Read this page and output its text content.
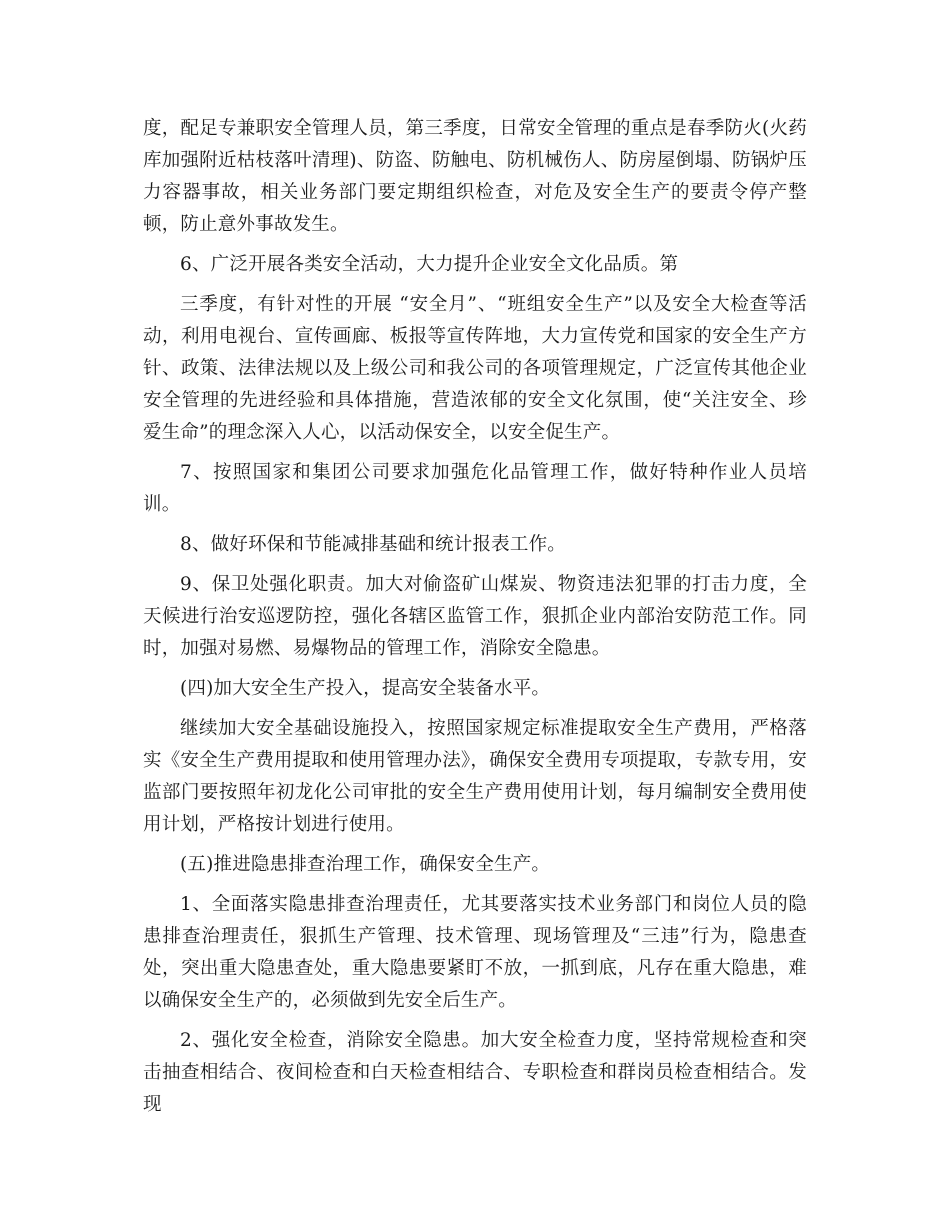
度，配足专兼职安全管理人员，第三季度，日常安全管理的重点是春季防火(火药库加强附近枯枝落叶清理)、防盗、防触电、防机械伤人、防房屋倒塌、防锅炉压力容器事故，相关业务部门要定期组织检查，对危及安全生产的要责令停产整顿，防止意外事故发生。

6、广泛开展各类安全活动，大力提升企业安全文化品质。第

三季度，有针对性的开展 “安全月”、“班组安全生产”以及安全大检查等活动，利用电视台、宣传画廊、板报等宣传阵地，大力宣传党和国家的安全生产方针、政策、法律法规以及上级公司和我公司的各项管理规定，广泛宣传其他企业安全管理的先进经验和具体措施，营造浓郁的安全文化氛围，使“关注安全、珍爱生命”的理念深入人心，以活动保安全，以安全促生产。

7、按照国家和集团公司要求加强危化品管理工作，做好特种作业人员培训。

8、做好环保和节能减排基础和统计报表工作。

9、保卫处强化职责。加大对偷盗矿山煤炭、物资违法犯罪的打击力度，全天候进行治安巡逻防控，强化各辖区监管工作，狠抓企业内部治安防范工作。同时，加强对易燃、易爆物品的管理工作，消除安全隐患。

(四)加大安全生产投入，提高安全装备水平。

继续加大安全基础设施投入，按照国家规定标准提取安全生产费用，严格落实《安全生产费用提取和使用管理办法》，确保安全费用专项提取，专款专用，安监部门要按照年初龙化公司审批的安全生产费用使用计划，每月编制安全费用使用计划，严格按计划进行使用。

(五)推进隐患排查治理工作，确保安全生产。

1、全面落实隐患排查治理责任，尤其要落实技术业务部门和岗位人员的隐患排查治理责任，狠抓生产管理、技术管理、现场管理及“三违”行为，隐患查处，突出重大隐患查处，重大隐患要紧盯不放，一抓到底，凡存在重大隐患，难以确保安全生产的，必须做到先安全后生产。

2、强化安全检查，消除安全隐患。加大安全检查力度，坚持常规检查和突击抽查相结合、夜间检查和白天检查相结合、专职检查和群岗员检查相结合。发现
